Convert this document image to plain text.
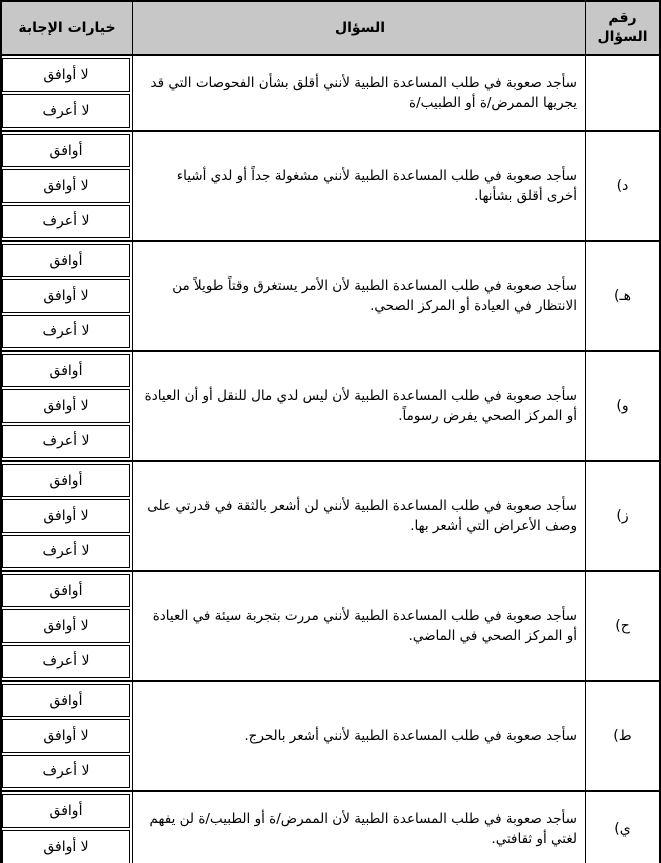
رقم السؤال
السؤال
خيارات الإجابة
سأجد صعوبة في طلب المساعدة الطبية لأنني أقلق بشأن الفحوصات التي قد يجريها الممرض/ة أو الطبيب/ة
لا أوافق
لا أعرف
د)
سأجد صعوبة في طلب المساعدة الطبية لأنني مشغولة جداً أو لدي أشياء أخرى أقلق بشأنها.
أوافق
لا أوافق
لا أعرف
هـ)
سأجد صعوبة في طلب المساعدة الطبية لأن الأمر يستغرق وقتاً طويلاً من الانتظار في العيادة أو المركز الصحي.
أوافق
لا أوافق
لا أعرف
و)
سأجد صعوبة في طلب المساعدة الطبية لأن ليس لدي مال للنقل أو أن العيادة أو المركز الصحي يفرض رسوماً.
أوافق
لا أوافق
لا أعرف
ز)
سأجد صعوبة في طلب المساعدة الطبية لأنني لن أشعر بالثقة في قدرتي على وصف الأعراض التي أشعر بها.
أوافق
لا أوافق
لا أعرف
ح)
سأجد صعوبة في طلب المساعدة الطبية لأنني مررت بتجربة سيئة في العيادة أو المركز الصحي في الماضي.
أوافق
لا أوافق
لا أعرف
ط)
سأجد صعوبة في طلب المساعدة الطبية لأنني أشعر بالحرج.
أوافق
لا أوافق
لا أعرف
ي)
سأجد صعوبة في طلب المساعدة الطبية لأن الممرض/ة أو الطبيب/ة لن يفهم لغتي أو ثقافتي.
أوافق
لا أوافق
